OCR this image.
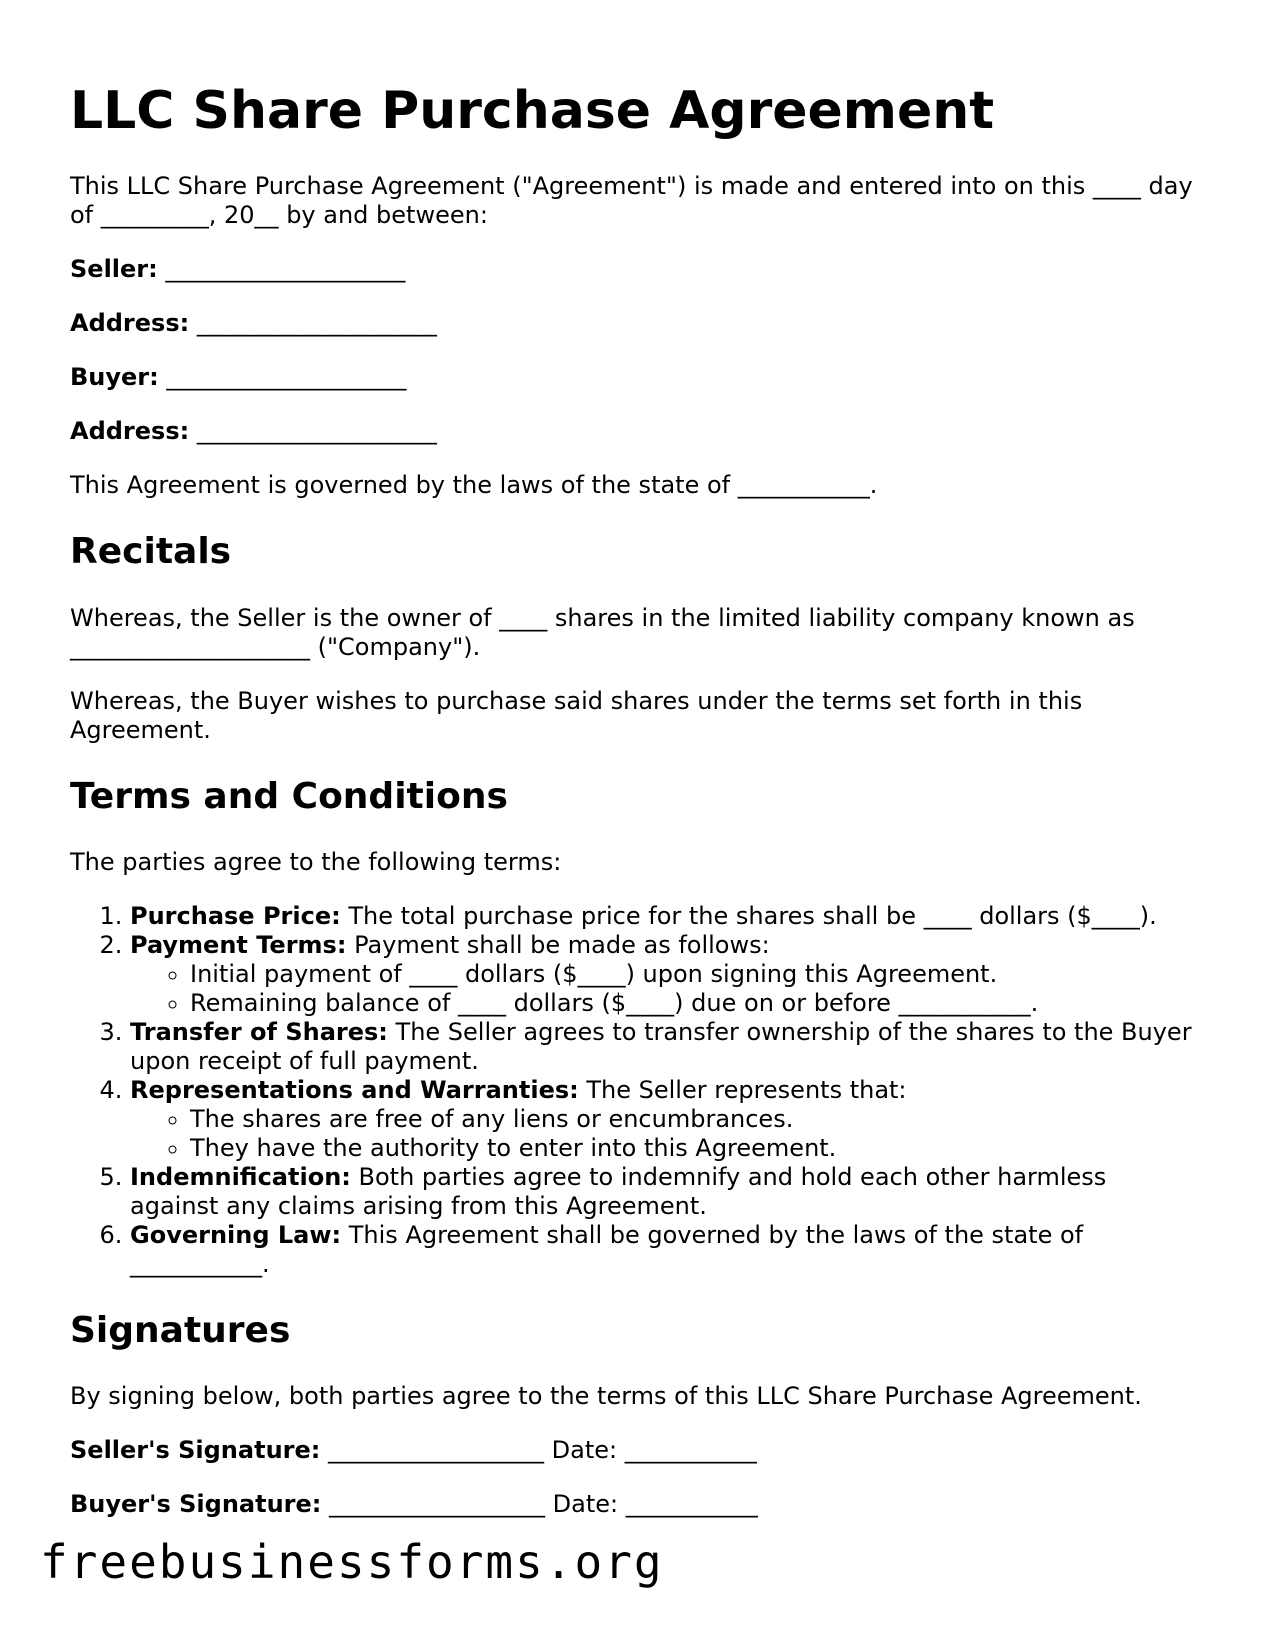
LLC Share Purchase Agreement

This LLC Share Purchase Agreement ("Agreement") is made and entered into on this ____ day of _________, 20__ by and between:

Seller: ____________________

Address: ____________________

Buyer: ____________________

Address: ____________________

This Agreement is governed by the laws of the state of ___________.

Recitals

Whereas, the Seller is the owner of ____ shares in the limited liability company known as ____________________ ("Company").

Whereas, the Buyer wishes to purchase said shares under the terms set forth in this Agreement.

Terms and Conditions

The parties agree to the following terms:

1. Purchase Price: The total purchase price for the shares shall be ____ dollars ($____).
2. Payment Terms: Payment shall be made as follows:
◦ Initial payment of ____ dollars ($____) upon signing this Agreement.
◦ Remaining balance of ____ dollars ($____) due on or before ___________.
3. Transfer of Shares: The Seller agrees to transfer ownership of the shares to the Buyer upon receipt of full payment.
4. Representations and Warranties: The Seller represents that:
◦ The shares are free of any liens or encumbrances.
◦ They have the authority to enter into this Agreement.
5. Indemnification: Both parties agree to indemnify and hold each other harmless against any claims arising from this Agreement.
6. Governing Law: This Agreement shall be governed by the laws of the state of ___________.
Signatures

By signing below, both parties agree to the terms of this LLC Share Purchase Agreement.

Seller's Signature: __________________ Date: ___________

Buyer's Signature: __________________ Date: ___________

freebusinessforms.org
